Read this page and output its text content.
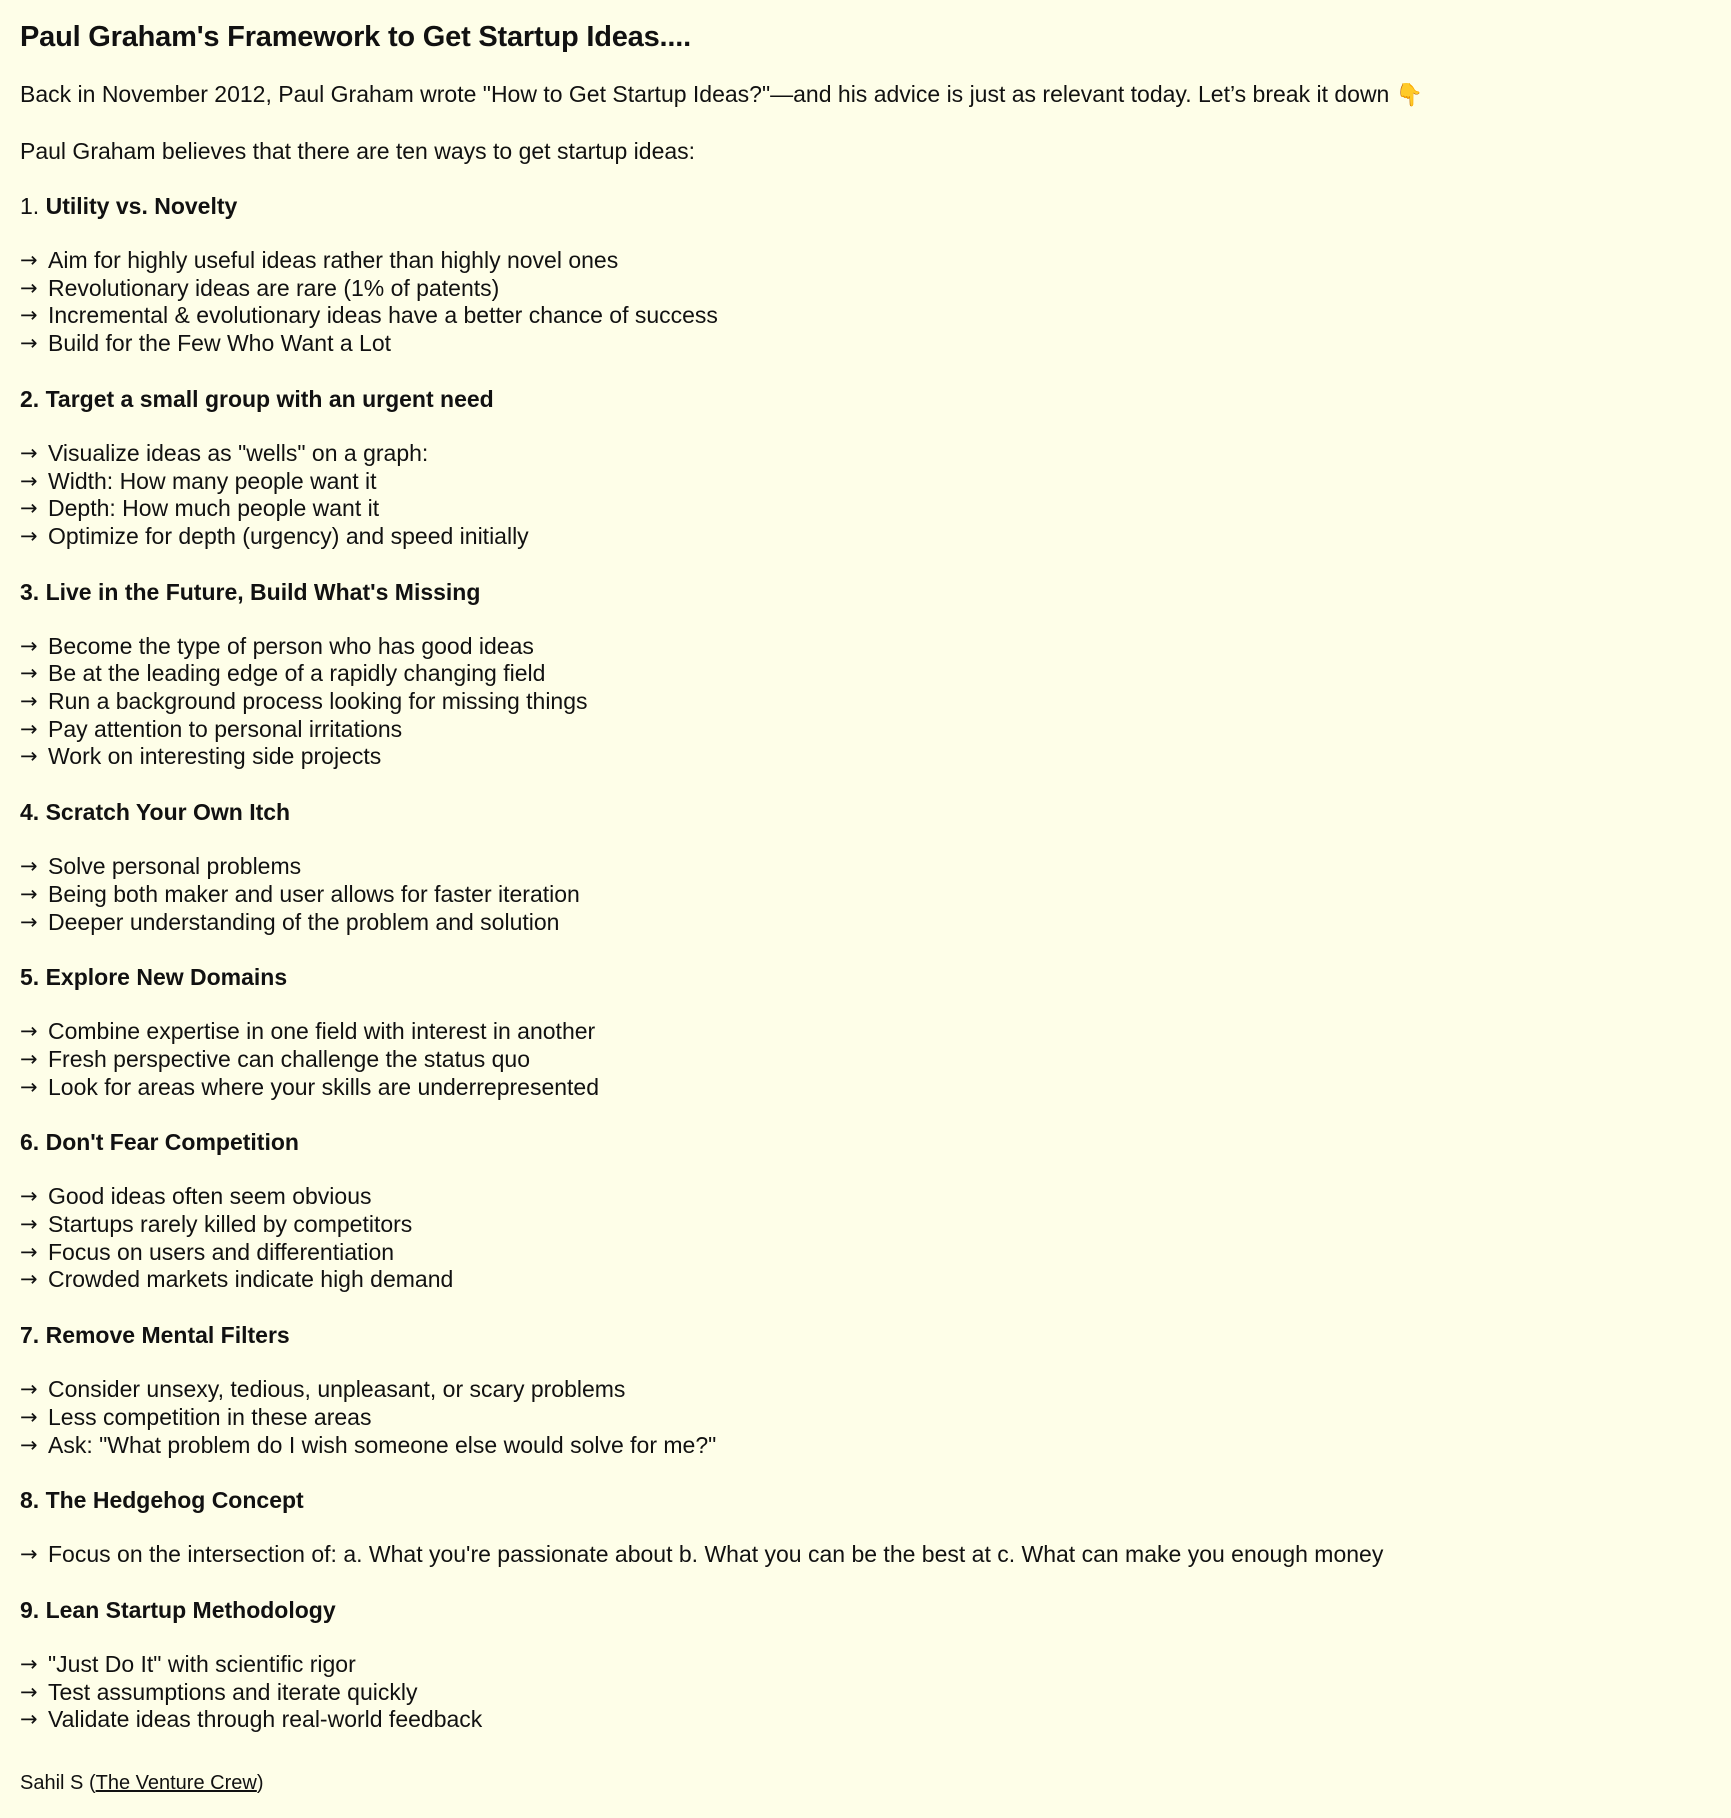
Paul Graham's Framework to Get Startup Ideas....
Back in November 2012, Paul Graham wrote "How to Get Startup Ideas?"—and his advice is just as relevant today. Let’s break it down 👇
Paul Graham believes that there are ten ways to get startup ideas:
1. Utility vs. Novelty
→ Aim for highly useful ideas rather than highly novel ones
→ Revolutionary ideas are rare (1% of patents)
→ Incremental & evolutionary ideas have a better chance of success
→ Build for the Few Who Want a Lot
2. Target a small group with an urgent need
→ Visualize ideas as "wells" on a graph:
→ Width: How many people want it
→ Depth: How much people want it
→ Optimize for depth (urgency) and speed initially
3. Live in the Future, Build What's Missing
→ Become the type of person who has good ideas
→ Be at the leading edge of a rapidly changing field
→ Run a background process looking for missing things
→ Pay attention to personal irritations
→ Work on interesting side projects
4. Scratch Your Own Itch
→ Solve personal problems
→ Being both maker and user allows for faster iteration
→ Deeper understanding of the problem and solution
5. Explore New Domains
→ Combine expertise in one field with interest in another
→ Fresh perspective can challenge the status quo
→ Look for areas where your skills are underrepresented
6. Don't Fear Competition
→ Good ideas often seem obvious
→ Startups rarely killed by competitors
→ Focus on users and differentiation
→ Crowded markets indicate high demand
7. Remove Mental Filters
→ Consider unsexy, tedious, unpleasant, or scary problems
→ Less competition in these areas
→ Ask: "What problem do I wish someone else would solve for me?"
8. The Hedgehog Concept
→ Focus on the intersection of: a. What you're passionate about b. What you can be the best at c. What can make you enough money
9. Lean Startup Methodology
→ "Just Do It" with scientific rigor
→ Test assumptions and iterate quickly
→ Validate ideas through real-world feedback
Sahil S (The Venture Crew)
